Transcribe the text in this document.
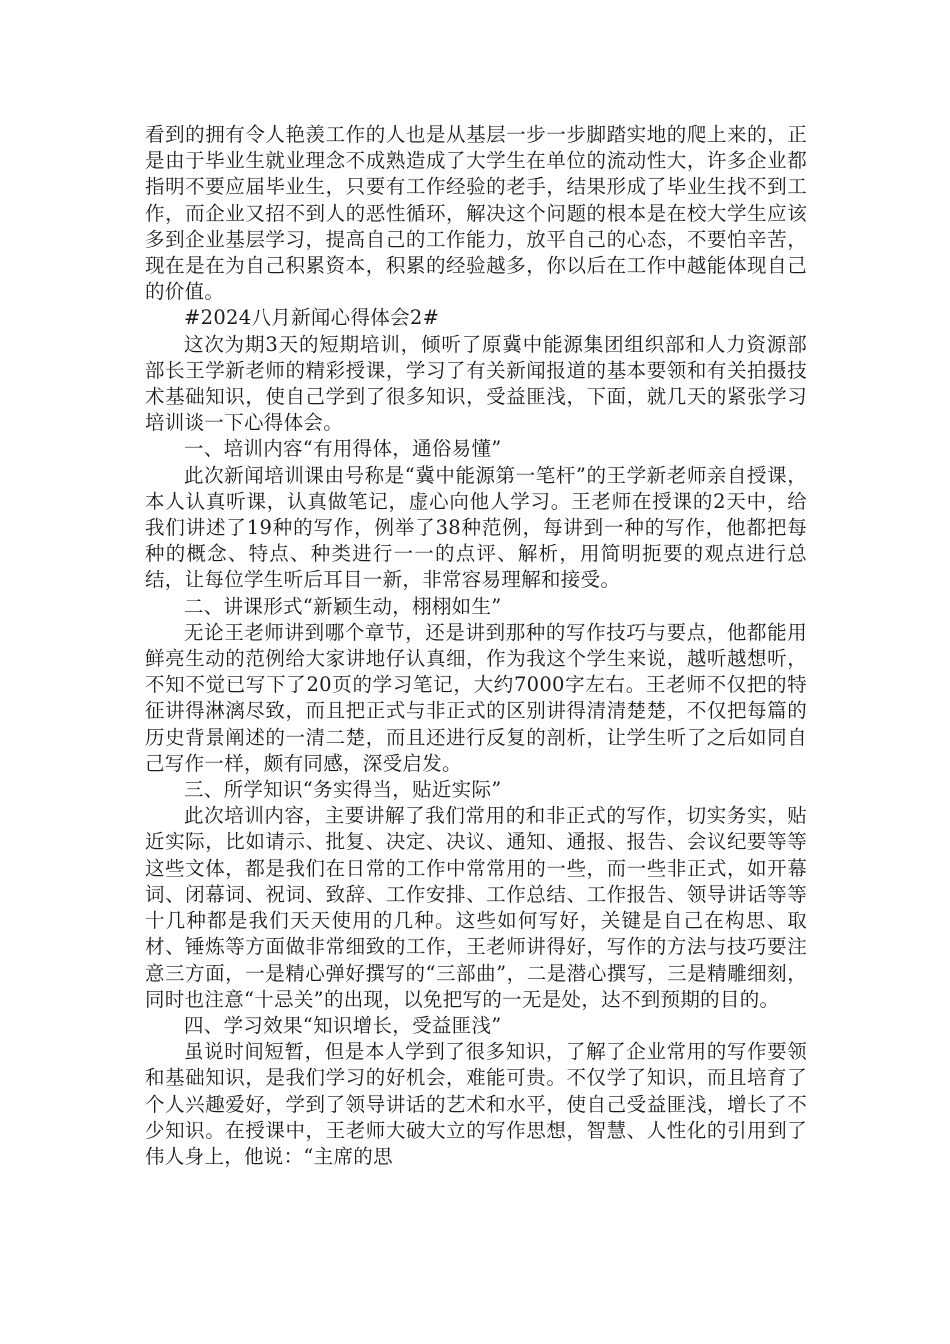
看到的拥有令人艳羡工作的人也是从基层一步一步脚踏实地的爬上来的，正是由于毕业生就业理念不成熟造成了大学生在单位的流动性大，许多企业都指明不要应届毕业生，只要有工作经验的老手，结果形成了毕业生找不到工作，而企业又招不到人的恶性循环，解决这个问题的根本是在校大学生应该多到企业基层学习，提高自己的工作能力，放平自己的心态，不要怕辛苦，现在是在为自己积累资本，积累的经验越多，你以后在工作中越能体现自己的价值。

#2024八月新闻心得体会2#

这次为期3天的短期培训，倾听了原冀中能源集团组织部和人力资源部部长王学新老师的精彩授课，学习了有关新闻报道的基本要领和有关拍摄技术基础知识，使自己学到了很多知识，受益匪浅，下面，就几天的紧张学习培训谈一下心得体会。

一、培训内容“有用得体，通俗易懂”

此次新闻培训课由号称是“冀中能源第一笔杆”的王学新老师亲自授课，本人认真听课，认真做笔记，虚心向他人学习。王老师在授课的2天中，给我们讲述了19种的写作，例举了38种范例，每讲到一种的写作，他都把每种的概念、特点、种类进行一一的点评、解析，用简明扼要的观点进行总结，让每位学生听后耳目一新，非常容易理解和接受。

二、讲课形式“新颖生动，栩栩如生”

无论王老师讲到哪个章节，还是讲到那种的写作技巧与要点，他都能用鲜亮生动的范例给大家讲地仔认真细，作为我这个学生来说，越听越想听，不知不觉已写下了20页的学习笔记，大约7000字左右。王老师不仅把的特征讲得淋漓尽致，而且把正式与非正式的区别讲得清清楚楚，不仅把每篇的历史背景阐述的一清二楚，而且还进行反复的剖析，让学生听了之后如同自己写作一样，颇有同感，深受启发。

三、所学知识“务实得当，贴近实际”

此次培训内容，主要讲解了我们常用的和非正式的写作，切实务实，贴近实际，比如请示、批复、决定、决议、通知、通报、报告、会议纪要等等这些文体，都是我们在日常的工作中常常用的一些，而一些非正式，如开幕词、闭幕词、祝词、致辞、工作安排、工作总结、工作报告、领导讲话等等十几种都是我们天天使用的几种。这些如何写好，关键是自己在构思、取材、锤炼等方面做非常细致的工作，王老师讲得好，写作的方法与技巧要注意三方面，一是精心弹好撰写的“三部曲”，二是潜心撰写，三是精雕细刻，同时也注意“十忌关”的出现，以免把写的一无是处，达不到预期的目的。

四、学习效果“知识增长，受益匪浅”

虽说时间短暂，但是本人学到了很多知识，了解了企业常用的写作要领和基础知识，是我们学习的好机会，难能可贵。不仅学了知识，而且培育了个人兴趣爱好，学到了领导讲话的艺术和水平，使自己受益匪浅，增长了不少知识。在授课中，王老师大破大立的写作思想，智慧、人性化的引用到了伟人身上，他说：“主席的思
